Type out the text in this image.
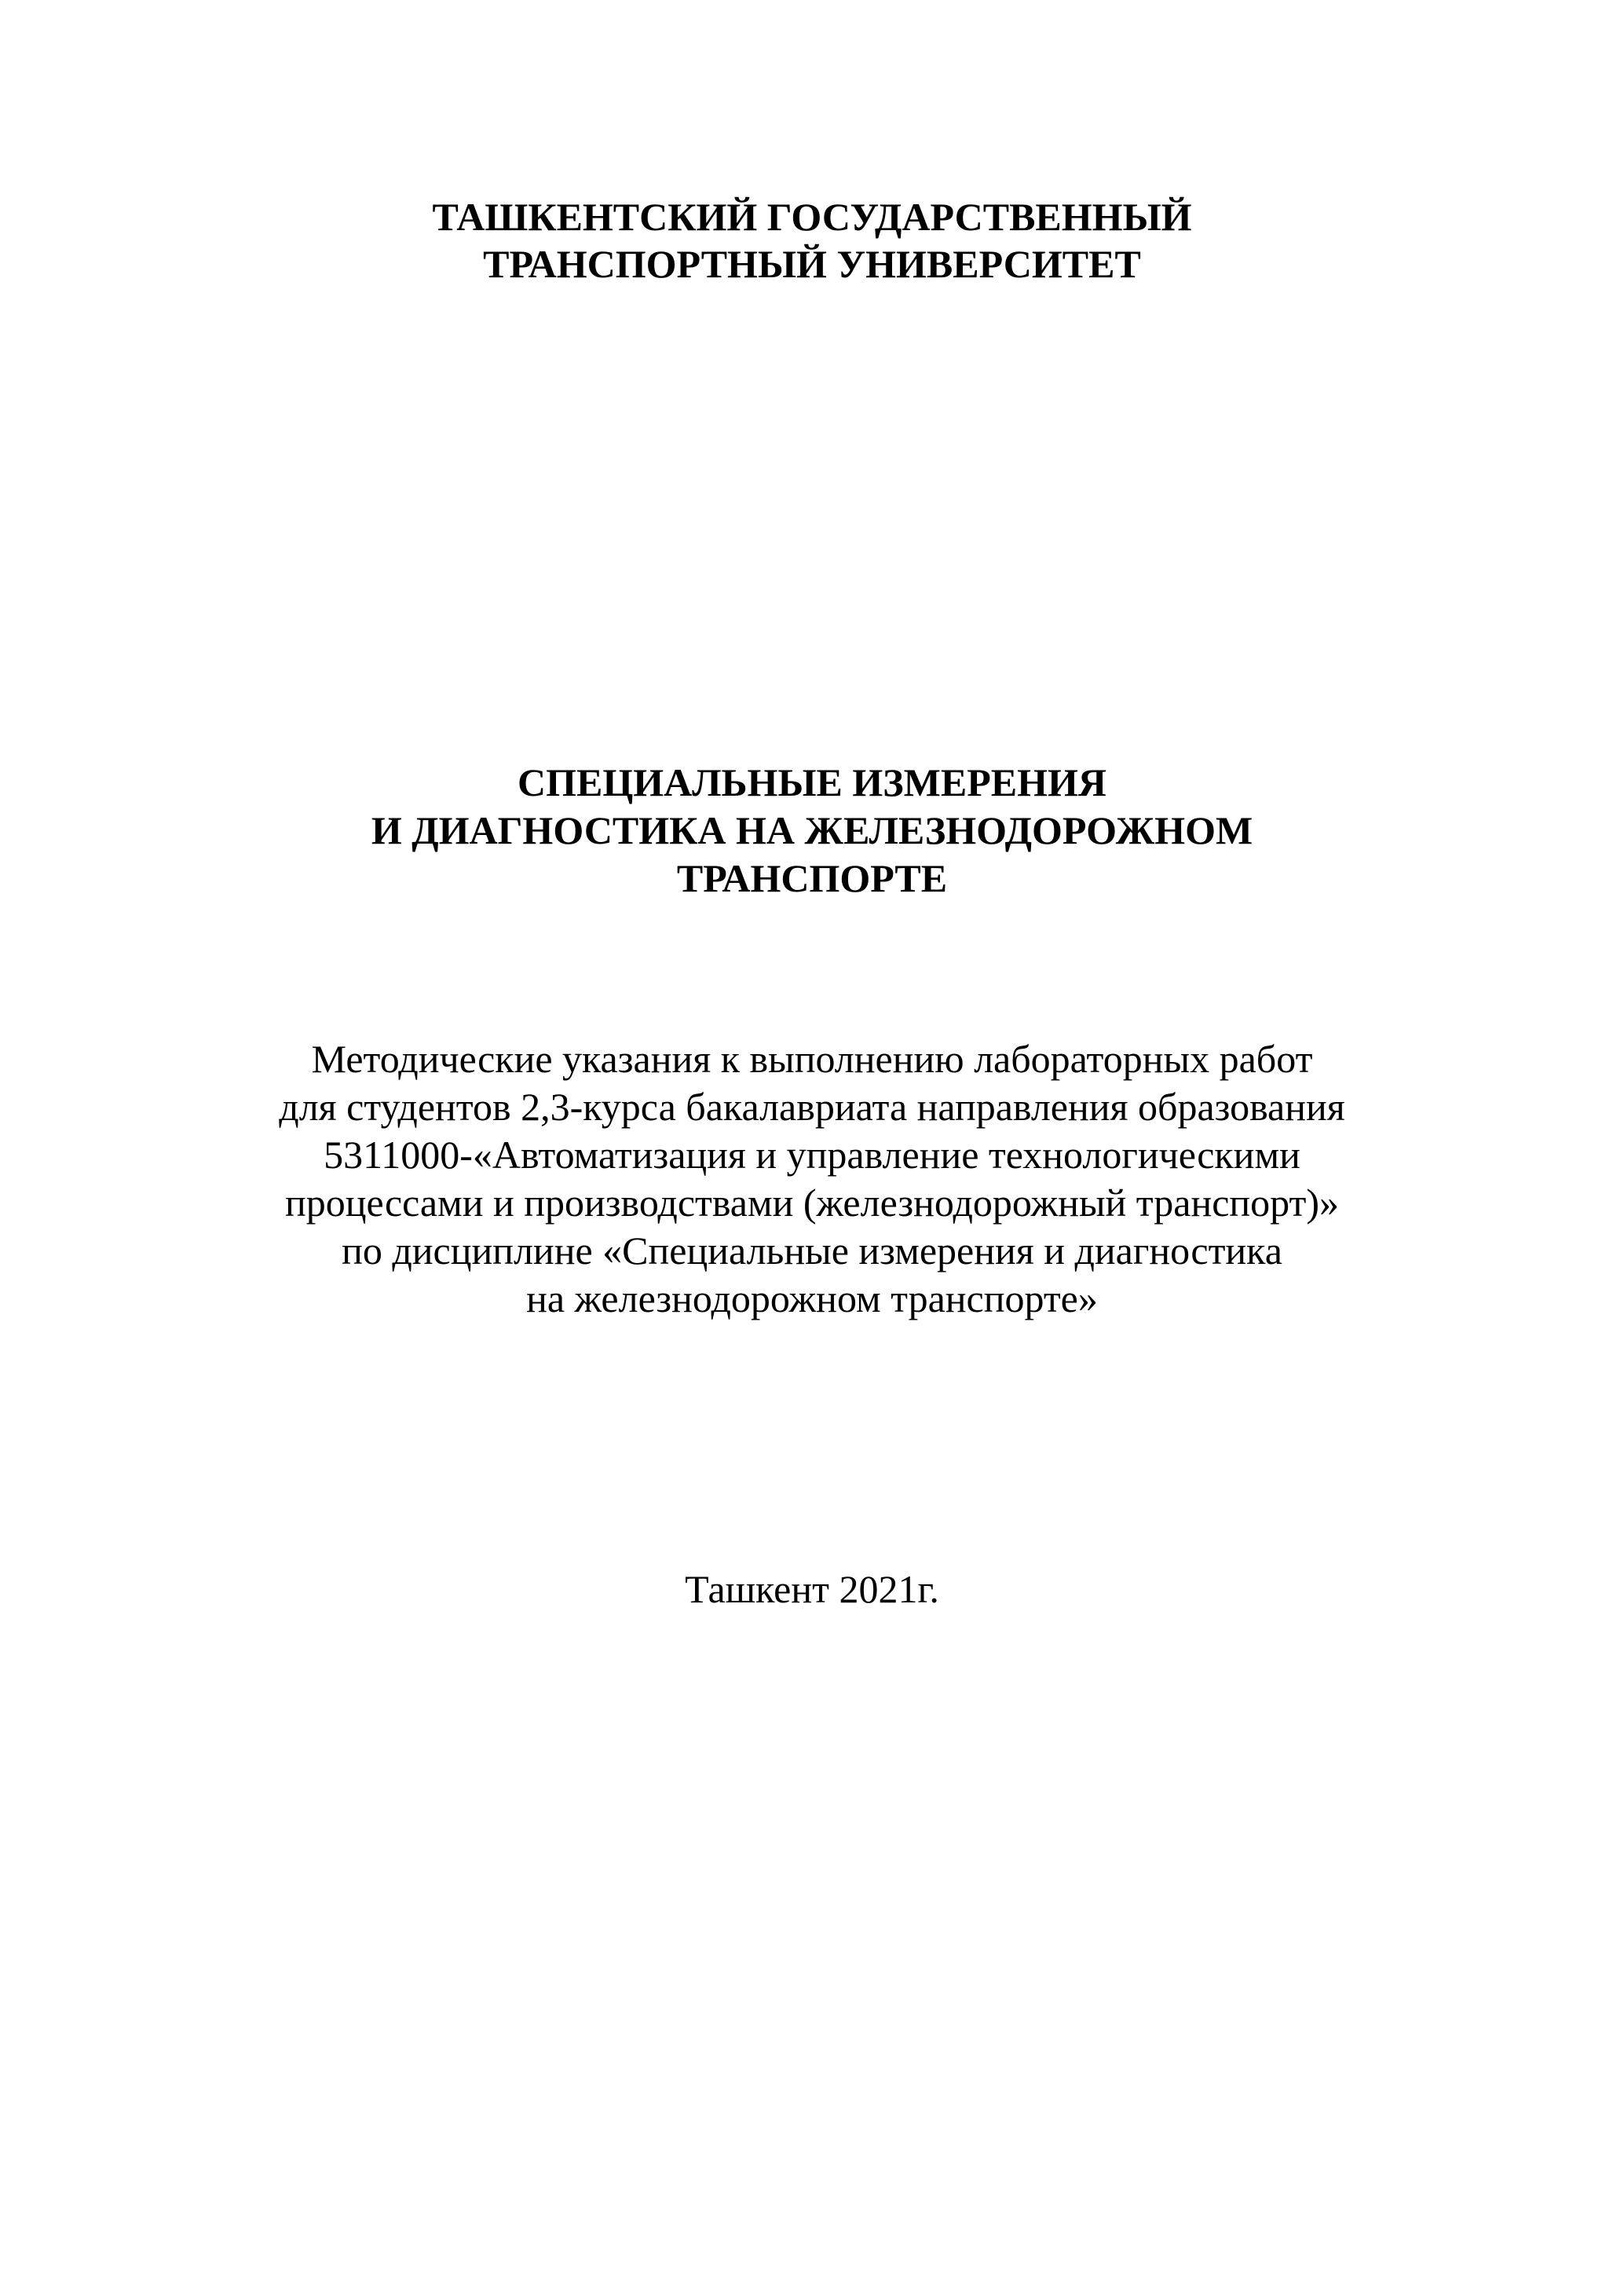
ТАШКЕНТСКИЙ ГОСУДАРСТВЕННЫЙ
ТРАНСПОРТНЫЙ УНИВЕРСИТЕТ
СПЕЦИАЛЬНЫЕ ИЗМЕРЕНИЯ
И ДИАГНОСТИКА НА ЖЕЛЕЗНОДОРОЖНОМ
ТРАНСПОРТЕ
Методические указания к выполнению лабораторных работ
для студентов 2,3-курса бакалавриата направления образования
5311000-«Автоматизация и управление технологическими
процессами и производствами (железнодорожный транспорт)»
по дисциплине «Специальные измерения и диагностика
на железнодорожном транспорте»
Ташкент 2021г.
